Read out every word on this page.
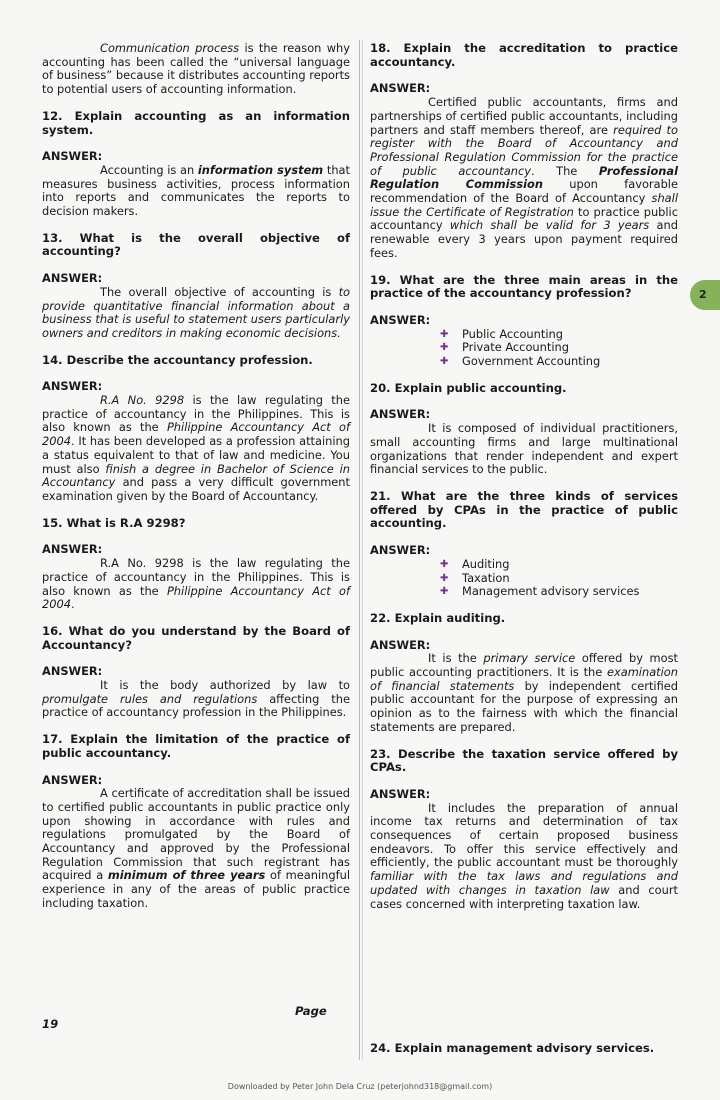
Communication process is the reason why accounting has been called the “universal language of business” because it distributes accounting reports to potential users of accounting information.

12. Explain accounting as an information system.
ANSWER:

Accounting is an information system that measures business activities, process information into reports and communicates the reports to decision makers.

13. What is the overall objective of accounting?
ANSWER:

The overall objective of accounting is to provide quantitative financial information about a business that is useful to statement users particularly owners and creditors in making economic decisions.

14. Describe the accountancy profession.
ANSWER:

R.A No. 9298 is the law regulating the practice of accountancy in the Philippines. This is also known as the Philippine Accountancy Act of 2004. It has been developed as a profession attaining a status equivalent to that of law and medicine. You must also finish a degree in Bachelor of Science in Accountancy and pass a very difficult government examination given by the Board of Accountancy.

15. What is R.A 9298?
ANSWER:

R.A No. 9298 is the law regulating the practice of accountancy in the Philippines. This is also known as the Philippine Accountancy Act of 2004.

16. What do you understand by the Board of Accountancy?
ANSWER:

It is the body authorized by law to promulgate rules and regulations affecting the practice of accountancy profession in the Philippines.

17. Explain the limitation of the practice of public accountancy.
ANSWER:

A certificate of accreditation shall be issued to certified public accountants in public practice only upon showing in accordance with rules and regulations promulgated by the Board of Accountancy and approved by the Professional Regulation Commission that such registrant has acquired a minimum of three years of meaningful experience in any of the areas of public practice including taxation.

18. Explain the accreditation to practice accountancy.
ANSWER:

Certified public accountants, firms and partnerships of certified public accountants, including partners and staff members thereof, are required to register with the Board of Accountancy and Professional Regulation Commission for the practice of public accountancy. The Professional Regulation Commission upon favorable recommendation of the Board of Accountancy shall issue the Certificate of Registration to practice public accountancy which shall be valid for 3 years and renewable every 3 years upon payment required fees.

19. What are the three main areas in the practice of the accountancy profession?
ANSWER:
✚	Public Accounting
✚	Private Accounting
✚	Government Accounting
20. Explain public accounting.
ANSWER:

It is composed of individual practitioners, small accounting firms and large multinational organizations that render independent and expert financial services to the public.

21. What are the three kinds of services offered by CPAs in the practice of public accounting.
ANSWER:
✚	Auditing
✚	Taxation
✚	Management advisory services
22. Explain auditing.
ANSWER:

It is the primary service offered by most public accounting practitioners. It is the examination of financial statements by independent certified public accountant for the purpose of expressing an opinion as to the fairness with which the financial statements are prepared.

23. Describe the taxation service offered by CPAs.
ANSWER:

It includes the preparation of annual income tax returns and determination of tax consequences of certain proposed business endeavors. To offer this service effectively and efficiently, the public accountant must be thoroughly familiar with the tax laws and regulations and updated with changes in taxation law and court cases concerned with interpreting taxation law.

Page
19
24. Explain management advisory services.
2
Downloaded by Peter John Dela Cruz (peterjohnd318@gmail.com)
